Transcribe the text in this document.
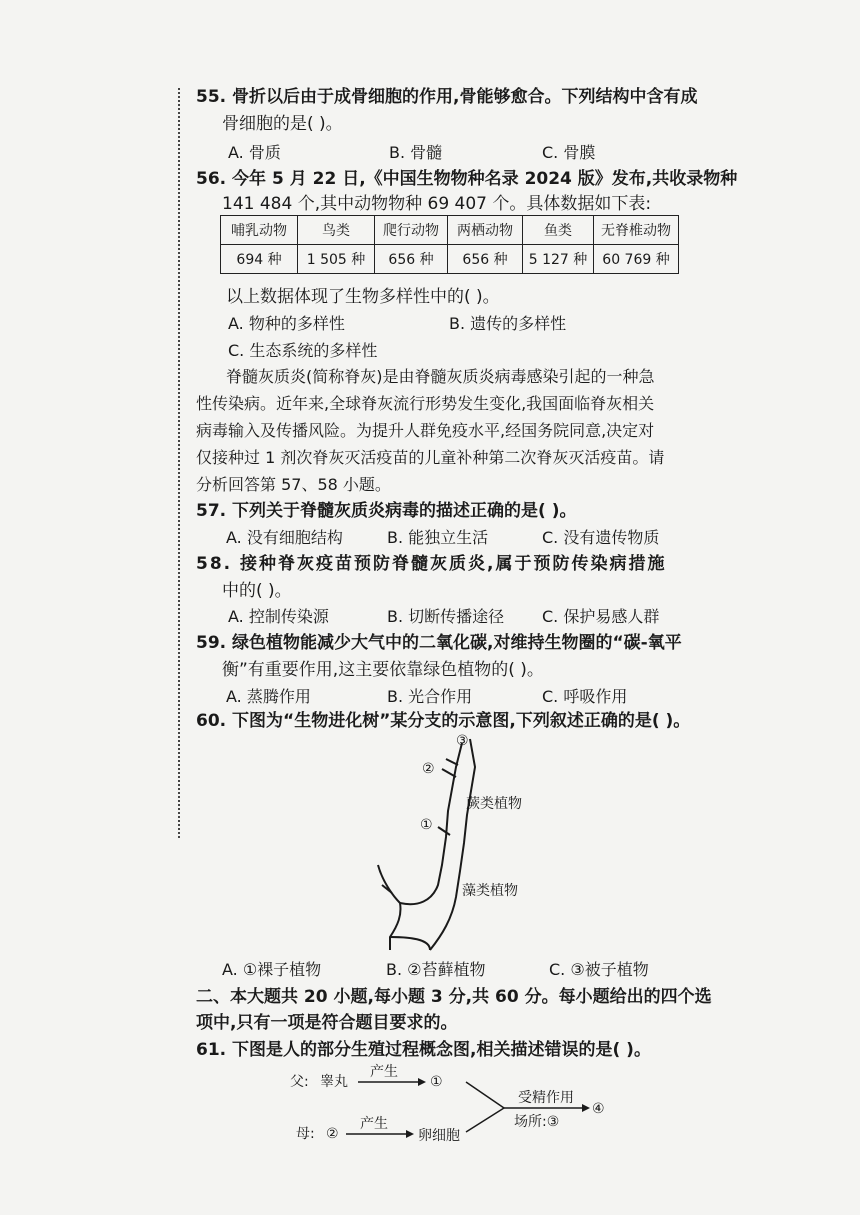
55. 骨折以后由于成骨细胞的作用,骨能够愈合。下列结构中含有成
骨细胞的是( )。
A. 骨质	B. 骨髓	C. 骨膜
56. 今年 5 月 22 日,《中国生物物种名录 2024 版》发布,共收录物种
141 484 个,其中动物物种 69 407 个。具体数据如下表:
哺乳动物	鸟类	爬行动物	两栖动物	鱼类	无脊椎动物
694 种	1 505 种	656 种	656 种	5 127 种	60 769 种
以上数据体现了生物多样性中的( )。
A. 物种的多样性	B. 遗传的多样性
C. 生态系统的多样性
脊髓灰质炎(简称脊灰)是由脊髓灰质炎病毒感染引起的一种急
性传染病。近年来,全球脊灰流行形势发生变化,我国面临脊灰相关
病毒输入及传播风险。为提升人群免疫水平,经国务院同意,决定对
仅接种过 1 剂次脊灰灭活疫苗的儿童补种第二次脊灰灭活疫苗。请
分析回答第 57、58 小题。
57. 下列关于脊髓灰质炎病毒的描述正确的是( )。
A. 没有细胞结构	B. 能独立生活	C. 没有遗传物质
58. 接种脊灰疫苗预防脊髓灰质炎,属于预防传染病措施
中的( )。
A. 控制传染源	B. 切断传播途径 C. 保护易感人群
59. 绿色植物能减少大气中的二氧化碳,对维持生物圈的“碳-氧平
衡”有重要作用,这主要依靠绿色植物的( )。
A. 蒸腾作用	B. 光合作用	C. 呼吸作用
60. 下图为“生物进化树”某分支的示意图,下列叙述正确的是( )。
③
②
①
蕨类植物
藻类植物
A. ①裸子植物	B. ②苔藓植物	C. ③被子植物
二、本大题共 20 小题,每小题 3 分,共 60 分。每小题给出的四个选
项中,只有一项是符合题目要求的。
61. 下图是人的部分生殖过程概念图,相关描述错误的是( )。
父: 睾丸
产生
①
母: ②
产生
卵细胞
受精作用
场所:③
④
